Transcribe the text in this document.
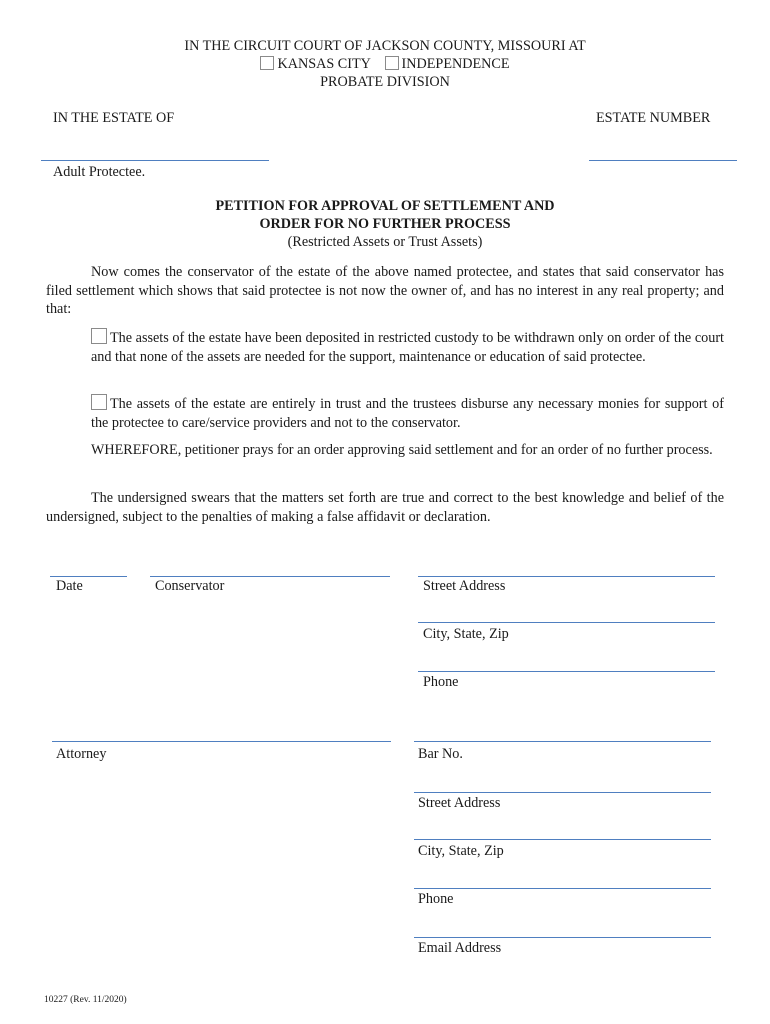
IN THE CIRCUIT COURT OF JACKSON COUNTY, MISSOURI AT
KANSAS CITY INDEPENDENCE
PROBATE DIVISION
IN THE ESTATE OF	ESTATE NUMBER
Adult Protectee.
PETITION FOR APPROVAL OF SETTLEMENT AND
ORDER FOR NO FURTHER PROCESS
(Restricted Assets or Trust Assets)
Now comes the conservator of the estate of the above named protectee, and states that said conservator has filed settlement which shows that said protectee is not now the owner of, and has no interest in any real property; and that:
The assets of the estate have been deposited in restricted custody to be withdrawn only on order of the court and that none of the assets are needed for the support, maintenance or education of said protectee.
The assets of the estate are entirely in trust and the trustees disburse any necessary monies for support of the protectee to care/service providers and not to the conservator.
WHEREFORE, petitioner prays for an order approving said settlement and for an order of no further process.
The undersigned swears that the matters set forth are true and correct to the best knowledge and belief of the undersigned, subject to the penalties of making a false affidavit or declaration.
Date	Conservator	Street Address
City, State, Zip
Phone
Attorney	Bar No.
Street Address
City, State, Zip
Phone
Email Address
10227 (Rev. 11/2020)
